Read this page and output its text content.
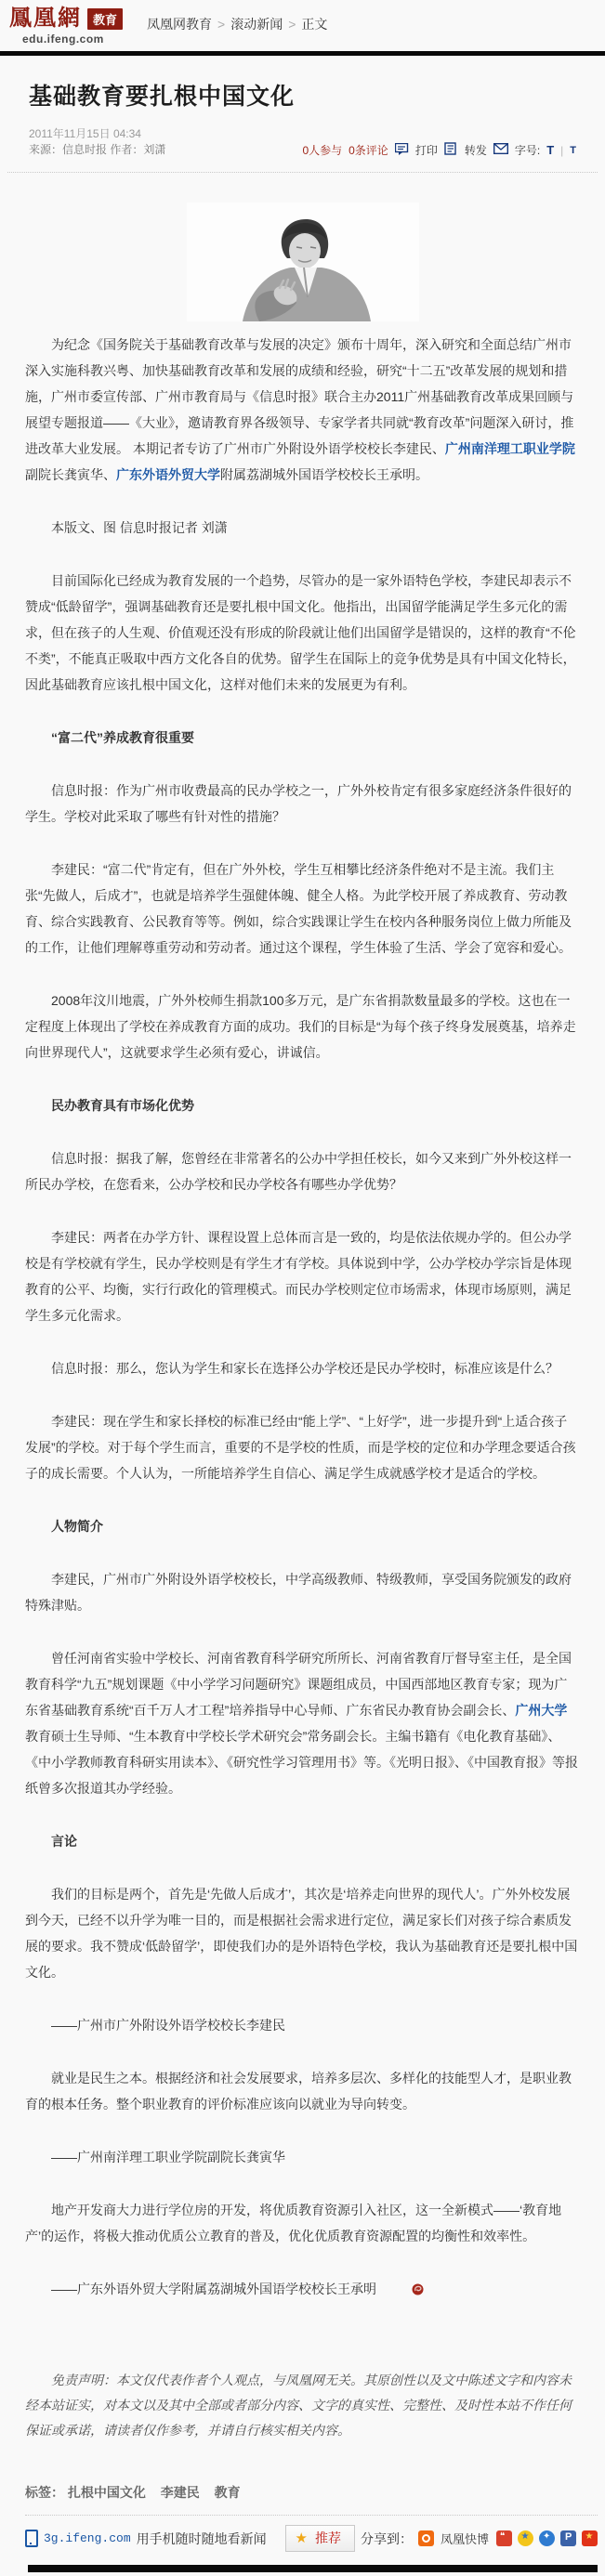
鳳凰網 教育
edu.ifeng.com
凤凰网教育 > 滚动新闻 > 正文
基础教育要扎根中国文化
2011年11月15日 04:34
来源：信息时报 作者：刘潇	0人参与 0条评论 打印 转发	字号: T | T

为纪念《国务院关于基础教育改革与发展的决定》颁布十周年，深入研究和全面总结广州市深入实施科教兴粤、加快基础教育改革和发展的成绩和经验，研究“十二五”改革发展的规划和措施，广州市委宣传部、广州市教育局与《信息时报》联合主办2011广州基础教育改革成果回顾与展望专题报道——《大业》，邀请教育界各级领导、专家学者共同就“教育改革”问题深入研讨，推进改革大业发展。 本期记者专访了广州市广外附设外语学校校长李建民、广州南洋理工职业学院副院长龚寅华、广东外语外贸大学附属荔湖城外国语学校校长王承明。

本版文、图 信息时报记者 刘潇

目前国际化已经成为教育发展的一个趋势，尽管办的是一家外语特色学校，李建民却表示不赞成“低龄留学”，强调基础教育还是要扎根中国文化。他指出，出国留学能满足学生多元化的需求，但在孩子的人生观、价值观还没有形成的阶段就让他们出国留学是错误的，这样的教育“不伦不类”，不能真正吸取中西方文化各自的优势。留学生在国际上的竞争优势是具有中国文化特长，因此基础教育应该扎根中国文化，这样对他们未来的发展更为有利。

“富二代”养成教育很重要

信息时报：作为广州市收费最高的民办学校之一，广外外校肯定有很多家庭经济条件很好的学生。学校对此采取了哪些有针对性的措施？

李建民：“富二代”肯定有，但在广外外校，学生互相攀比经济条件绝对不是主流。我们主张“先做人，后成才”，也就是培养学生强健体魄、健全人格。为此学校开展了养成教育、劳动教育、综合实践教育、公民教育等等。例如，综合实践课让学生在校内各种服务岗位上做力所能及的工作，让他们理解尊重劳动和劳动者。通过这个课程，学生体验了生活、学会了宽容和爱心。

2008年汶川地震，广外外校师生捐款100多万元，是广东省捐款数量最多的学校。这也在一定程度上体现出了学校在养成教育方面的成功。我们的目标是“为每个孩子终身发展奠基，培养走向世界现代人”，这就要求学生必须有爱心，讲诚信。

民办教育具有市场化优势

信息时报：据我了解，您曾经在非常著名的公办中学担任校长，如今又来到广外外校这样一所民办学校，在您看来，公办学校和民办学校各有哪些办学优势？

李建民：两者在办学方针、课程设置上总体而言是一致的，均是依法依规办学的。但公办学校是有学校就有学生，民办学校则是有学生才有学校。具体说到中学，公办学校办学宗旨是体现教育的公平、均衡，实行行政化的管理模式。而民办学校则定位市场需求，体现市场原则，满足学生多元化需求。

信息时报：那么，您认为学生和家长在选择公办学校还是民办学校时，标准应该是什么？

李建民：现在学生和家长择校的标准已经由“能上学”、“上好学”，进一步提升到“上适合孩子发展”的学校。对于每个学生而言，重要的不是学校的性质，而是学校的定位和办学理念要适合孩子的成长需要。个人认为，一所能培养学生自信心、满足学生成就感学校才是适合的学校。

人物简介

李建民，广州市广外附设外语学校校长，中学高级教师、特级教师，享受国务院颁发的政府特殊津贴。

曾任河南省实验中学校长、河南省教育科学研究所所长、河南省教育厅督导室主任，是全国教育科学“九五”规划课题《中小学学习问题研究》课题组成员，中国西部地区教育专家；现为广东省基础教育系统“百千万人才工程”培养指导中心导师、广东省民办教育协会副会长、广州大学教育硕士生导师、“生本教育中学校长学术研究会”常务副会长。主编书籍有《电化教育基础》、《中小学教师教育科研实用读本》、《研究性学习管理用书》等。《光明日报》、《中国教育报》等报纸曾多次报道其办学经验。

言论

我们的目标是两个，首先是‘先做人后成才’，其次是‘培养走向世界的现代人’。广外外校发展到今天，已经不以升学为唯一目的，而是根据社会需求进行定位，满足家长们对孩子综合素质发展的要求。我不赞成‘低龄留学’，即使我们办的是外语特色学校，我认为基础教育还是要扎根中国文化。

——广州市广外附设外语学校校长李建民

就业是民生之本。根据经济和社会发展要求，培养多层次、多样化的技能型人才，是职业教育的根本任务。整个职业教育的评价标准应该向以就业为导向转变。

——广州南洋理工职业学院副院长龚寅华

地产开发商大力进行学位房的开发，将优质教育资源引入社区，这一全新模式——‘教育地产’的运作，将极大推动优质公立教育的普及，优化优质教育资源配置的均衡性和效率性。

——广东外语外贸大学附属荔湖城外国语学校校长王承明

免责声明：本文仅代表作者个人观点，与凤凰网无关。其原创性以及文中陈述文字和内容未经本站证实，对本文以及其中全部或者部分内容、文字的真实性、完整性、及时性本站不作任何保证或承诺，请读者仅作参考，并请自行核实相关内容。

标签： 扎根中国文化 李建民 教育
3g.ifeng.com 用手机随时随地看新闻 ★ 推荐 分享到： 凤凰快博
❝
★
✦
P
★
